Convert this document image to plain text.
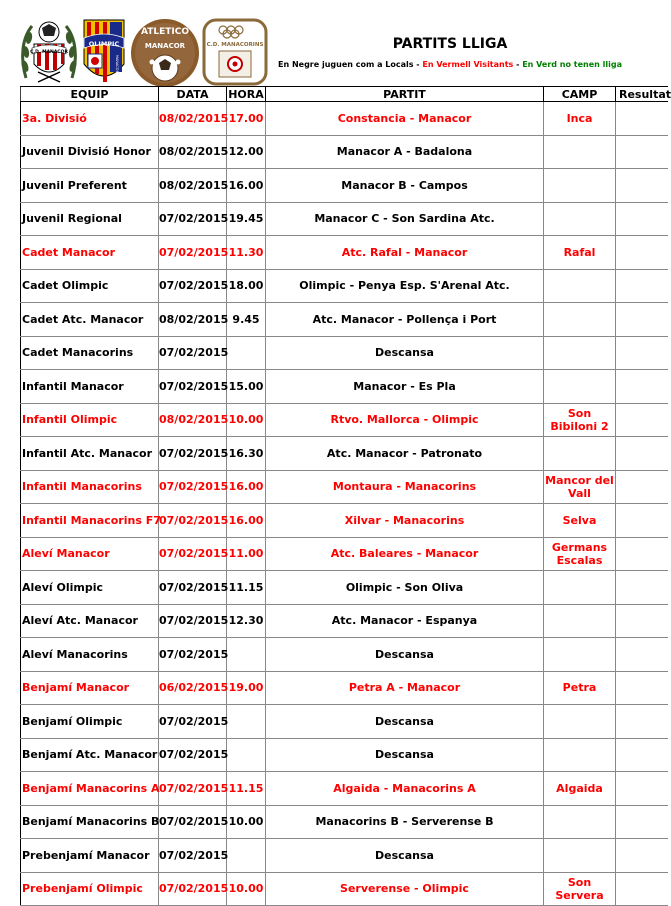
C.D. MANACOR
OLIMPIC
MANACOR
ATLETICO
MANACOR	C.D. MANACORINS	PARTITS LLIGA
En Negre juguen com a Locals - En Vermell Visitants - En Verd no tenen lliga
EQUIP	DATA	HORA	PARTIT	CAMP	Resultat
3a. Divisió	08/02/2015	17.00	Constancia - Manacor	Inca	
Juvenil Divisió Honor	08/02/2015	12.00	Manacor A - Badalona		
Juvenil Preferent	08/02/2015	16.00	Manacor B - Campos		
Juvenil Regional	07/02/2015	19.45	Manacor C - Son Sardina Atc.		
Cadet Manacor	07/02/2015	11.30	Atc. Rafal - Manacor	Rafal	
Cadet Olimpic	07/02/2015	18.00	Olimpic - Penya Esp. S'Arenal Atc.		
Cadet Atc. Manacor	08/02/2015	9.45	Atc. Manacor - Pollença i Port		
Cadet Manacorins	07/02/2015		Descansa		
Infantil Manacor	07/02/2015	15.00	Manacor - Es Pla		
Infantil Olimpic	08/02/2015	10.00	Rtvo. Mallorca - Olimpic	Son Bibiloni 2	
Infantil Atc. Manacor	07/02/2015	16.30	Atc. Manacor - Patronato		
Infantil Manacorins	07/02/2015	16.00	Montaura - Manacorins	Mancor del Vall	
Infantil Manacorins F7	07/02/2015	16.00	Xilvar - Manacorins	Selva	
Aleví Manacor	07/02/2015	11.00	Atc. Baleares - Manacor	Germans Escalas	
Aleví Olimpic	07/02/2015	11.15	Olimpic - Son Oliva		
Aleví Atc. Manacor	07/02/2015	12.30	Atc. Manacor - Espanya		
Aleví Manacorins	07/02/2015		Descansa		
Benjamí Manacor	06/02/2015	19.00	Petra A - Manacor	Petra	
Benjamí Olimpic	07/02/2015		Descansa		
Benjamí Atc. Manacor	07/02/2015		Descansa		
Benjamí Manacorins A	07/02/2015	11.15	Algaida - Manacorins A	Algaida	
Benjamí Manacorins B	07/02/2015	10.00	Manacorins B - Serverense B		
Prebenjamí Manacor	07/02/2015		Descansa		
Prebenjamí Olimpic	07/02/2015	10.00	Serverense - Olimpic	Son Servera	
